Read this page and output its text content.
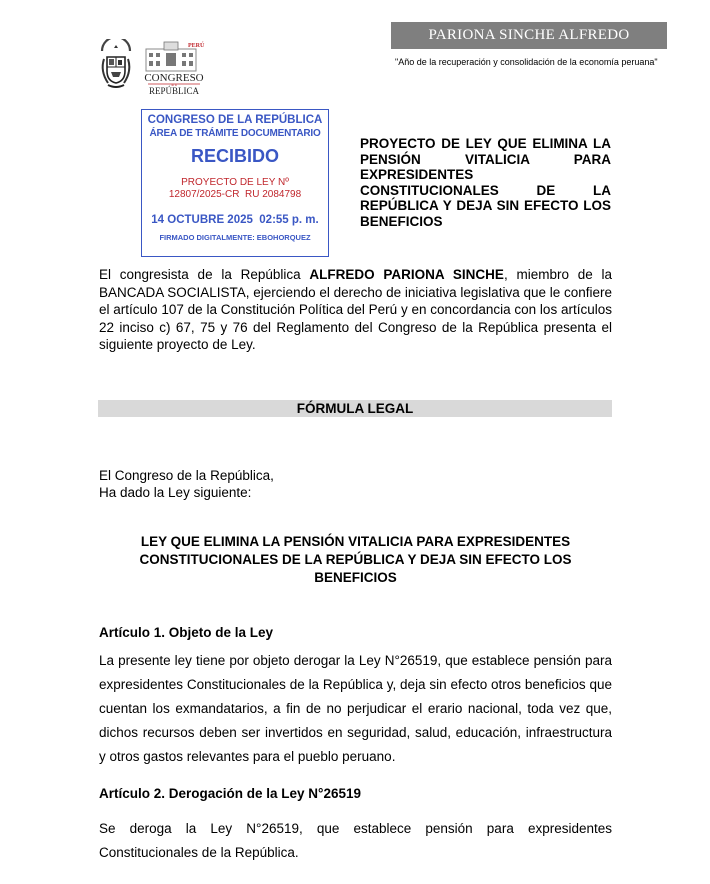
PARIONA SINCHE ALFREDO
"Año de la recuperación y consolidación de la economía peruana"
PERÚ
CONGRESO
de la
REPÚBLICA
CONGRESO DE LA REPÚBLICA
ÁREA DE TRÁMITE DOCUMENTARIO
RECIBIDO
PROYECTO DE LEY Nº
12807/2025-CR  RU 2084798
14 OCTUBRE 2025  02:55 p. m.
FIRMADO DIGITALMENTE: EBOHORQUEZ
PROYECTO DE LEY QUE ELIMINA LA PENSIÓN VITALICIA PARA EXPRESIDENTES CONSTITUCIONALES DE LA REPÚBLICA Y DEJA SIN EFECTO LOS BENEFICIOS
El congresista de la República ALFREDO PARIONA SINCHE, miembro de la BANCADA SOCIALISTA, ejerciendo el derecho de iniciativa legislativa que le confiere el artículo 107 de la Constitución Política del Perú y en concordancia con los artículos 22 inciso c) 67, 75 y 76 del Reglamento del Congreso de la República presenta el siguiente proyecto de Ley.
FÓRMULA LEGAL
El Congreso de la República,
Ha dado la Ley siguiente:
LEY QUE ELIMINA LA PENSIÓN VITALICIA PARA EXPRESIDENTES CONSTITUCIONALES DE LA REPÚBLICA Y DEJA SIN EFECTO LOS BENEFICIOS
Artículo 1. Objeto de la Ley
La presente ley tiene por objeto derogar la Ley N°26519, que establece pensión para expresidentes Constitucionales de la República y, deja sin efecto otros beneficios que cuentan los exmandatarios, a fin de no perjudicar el erario nacional, toda vez que, dichos recursos deben ser invertidos en seguridad, salud, educación, infraestructura y otros gastos relevantes para el pueblo peruano.
Artículo 2. Derogación de la Ley N°26519
Se deroga la Ley N°26519, que establece pensión para expresidentes Constitucionales de la República.
